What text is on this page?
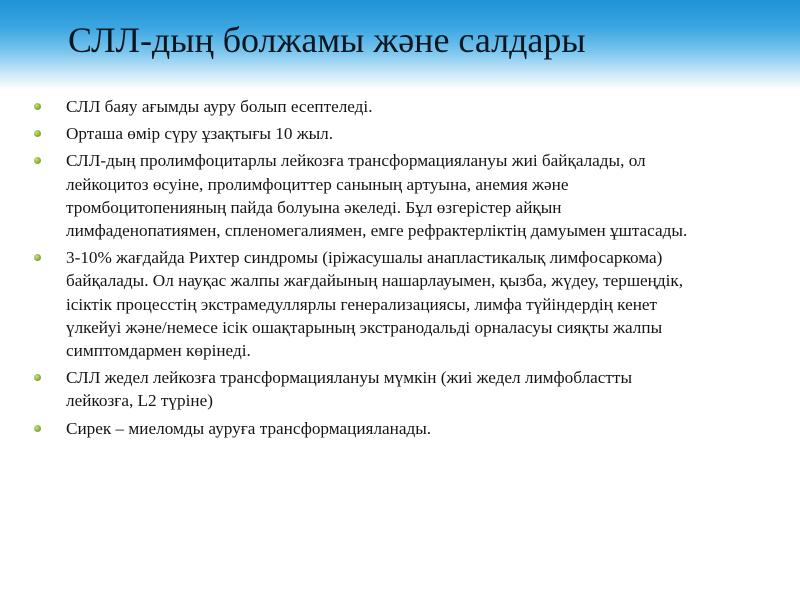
СЛЛ-дың болжамы және салдары
СЛЛ баяу ағымды ауру болып есептеледі.
Орташа өмір сүру ұзақтығы 10 жыл.
СЛЛ-дың пролимфоцитарлы лейкозға трансформациялануы жиі байқалады, ол лейкоцитоз өсуіне, пролимфоциттер санының артуына, анемия және тромбоцитопенияның пайда болуына әкеледі. Бұл өзгерістер айқын лимфаденопатиямен, спленомегалиямен, емге рефрактерліктің дамуымен ұштасады.
3-10% жағдайда Рихтер синдромы (іріжасушалы анапластикалық лимфосаркома) байқалады. Ол науқас жалпы жағдайының нашарлауымен, қызба, жүдеу, тершеңдік, ісіктік процесстің экстрамедуллярлы генерализациясы, лимфа түйіндердің кенет үлкейуі және/немесе ісік ошақтарының экстранодальді орналасуы сияқты жалпы симптомдармен көрінеді.
СЛЛ жедел лейкозға трансформациялануы мүмкін (жиі жедел лимфобластты лейкозға, L2 түріне)
Сирек – миеломды ауруға трансформацияланады.
